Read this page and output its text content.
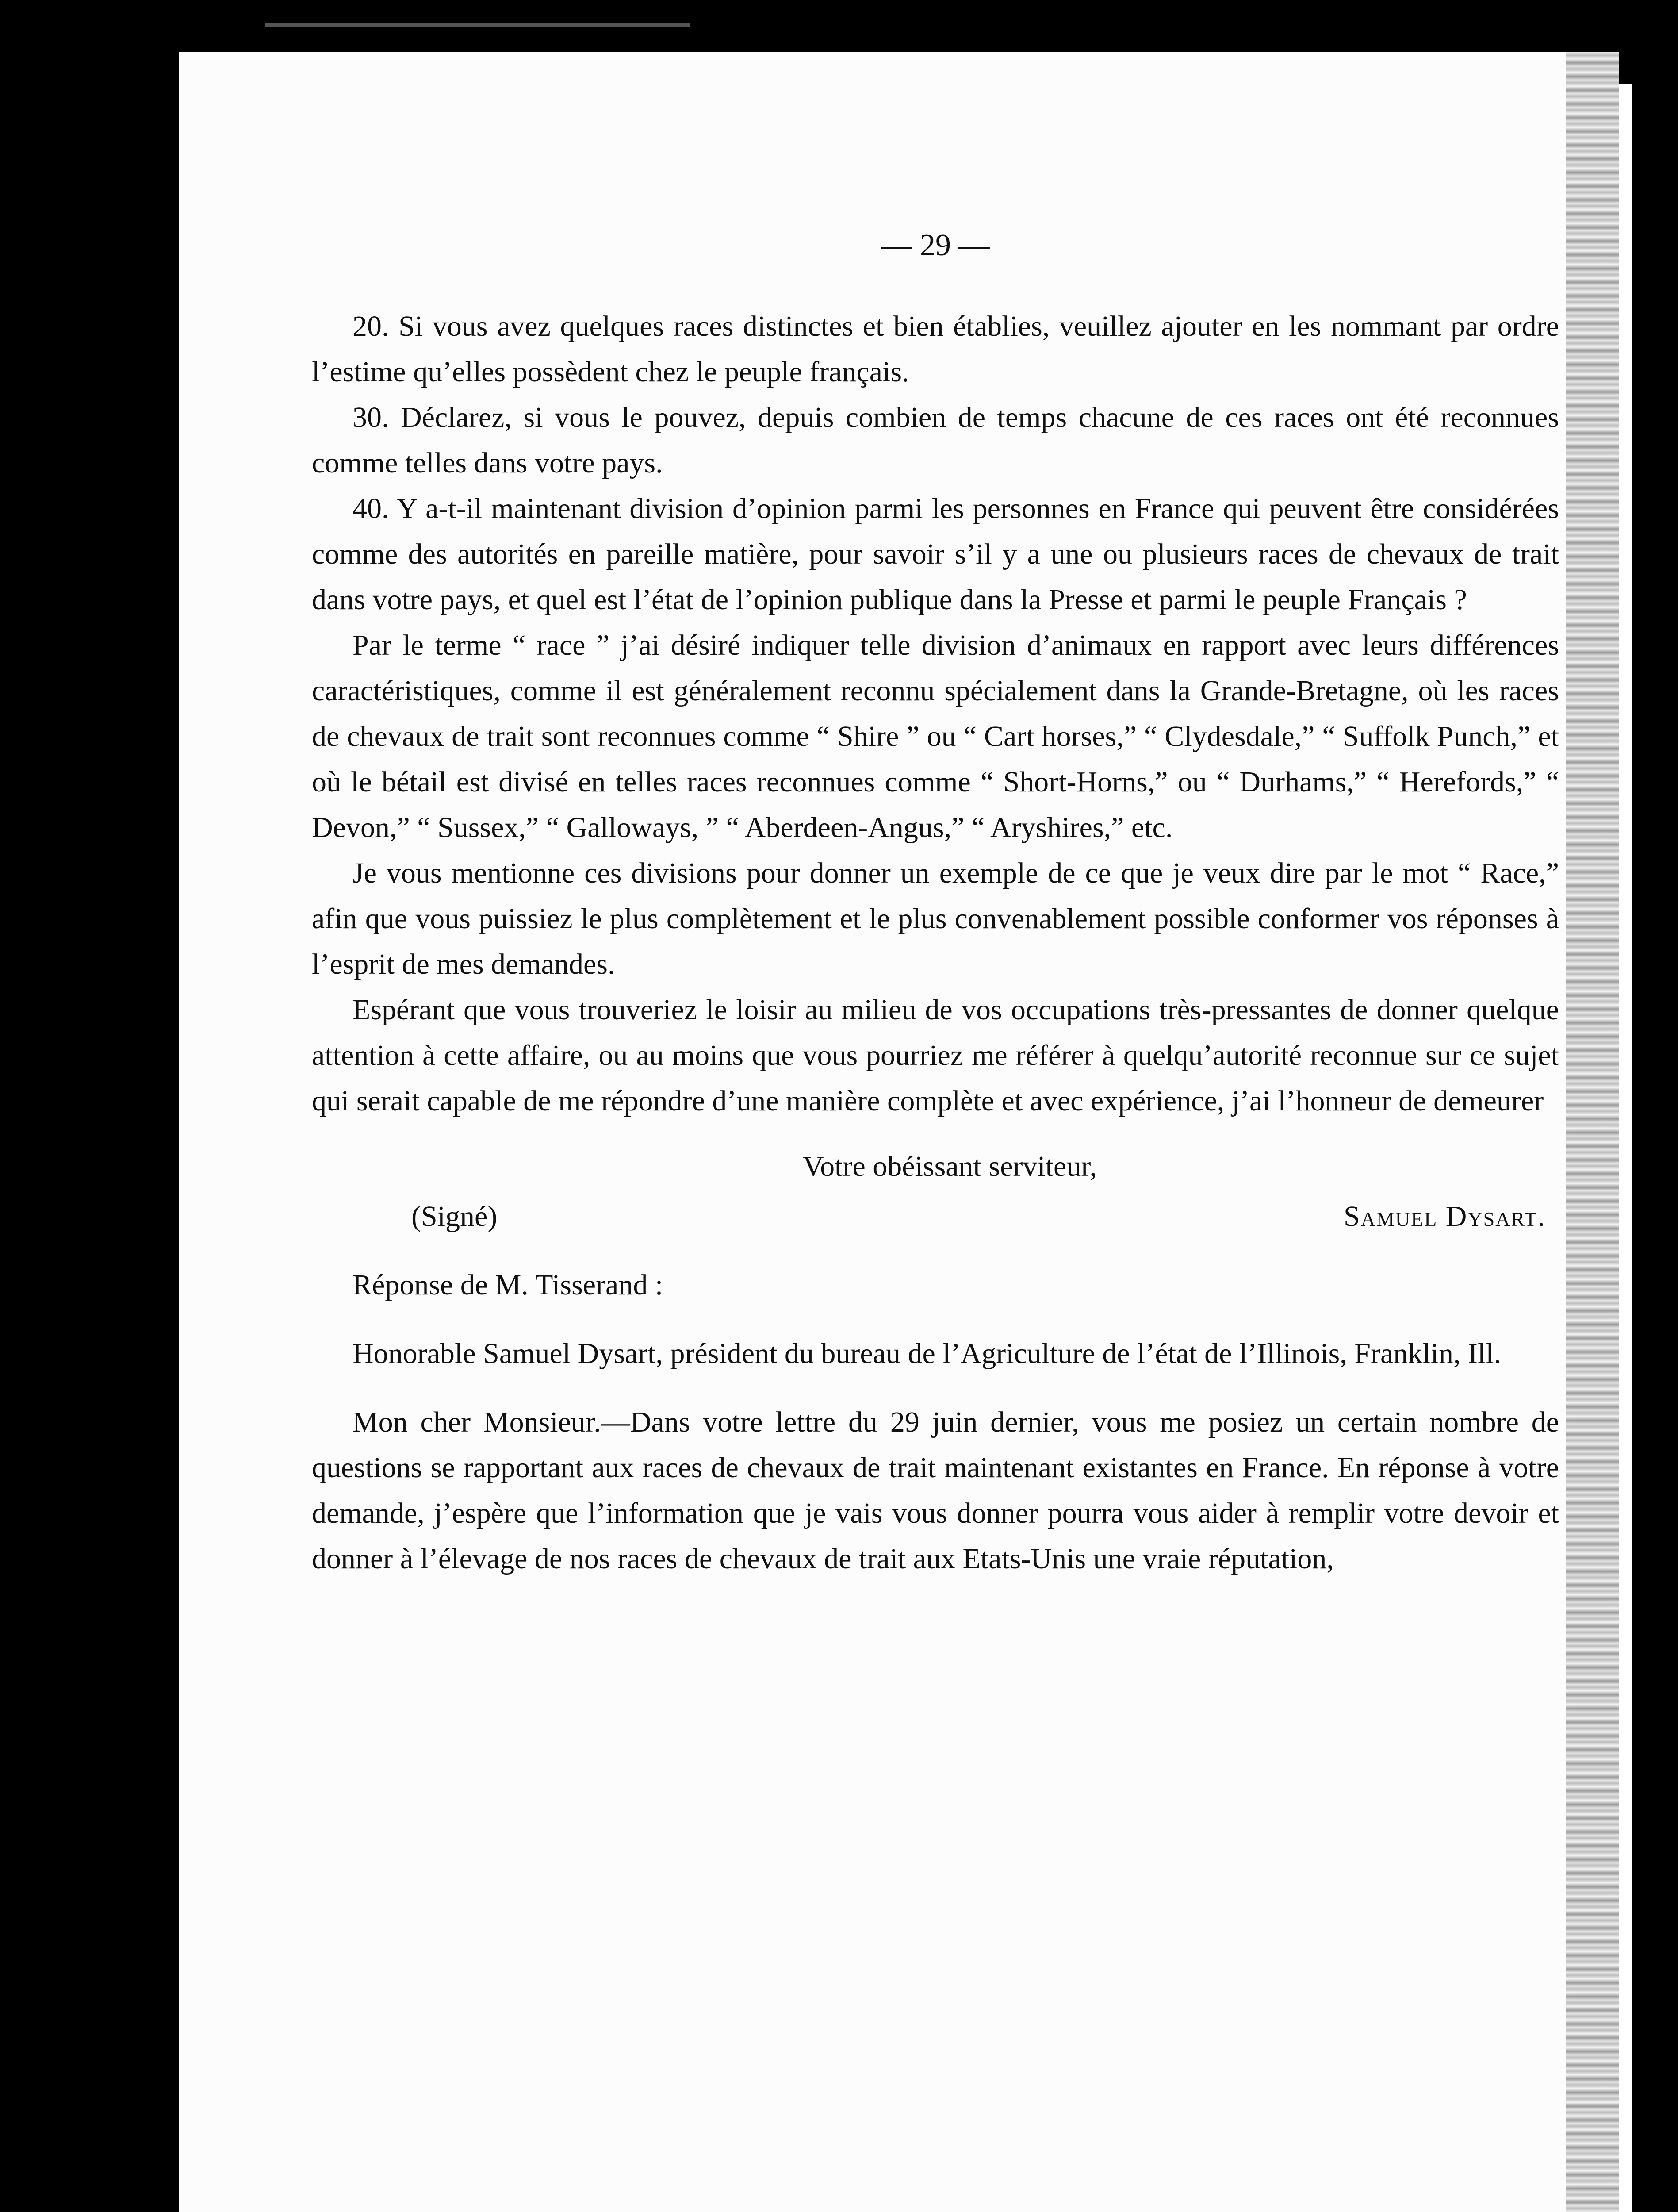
— 29 —

20. Si vous avez quelques races distinctes et bien établies, veuillez ajouter en les nommant par ordre l’estime qu’elles possèdent chez le peuple français.

30. Déclarez, si vous le pouvez, depuis combien de temps chacune de ces races ont été reconnues comme telles dans votre pays.

40. Y a-t-il maintenant division d’opinion parmi les personnes en France qui peuvent être considérées comme des autorités en pareille matière, pour savoir s’il y a une ou plusieurs races de chevaux de trait dans votre pays, et quel est l’état de l’opinion publique dans la Presse et parmi le peuple Français ?

Par le terme “ race ” j’ai désiré indiquer telle division d’animaux en rapport avec leurs différences caractéristiques, comme il est généralement reconnu spécialement dans la Grande-Bretagne, où les races de chevaux de trait sont reconnues comme “ Shire ” ou “ Cart horses,” “ Clydesdale,” “ Suffolk Punch,” et où le bétail est divisé en telles races reconnues comme “ Short-Horns,” ou “ Durhams,” “ Herefords,” “ Devon,” “ Sussex,” “ Galloways, ” “ Aberdeen-Angus,” “ Aryshires,” etc.

Je vous mentionne ces divisions pour donner un exemple de ce que je veux dire par le mot “ Race,” afin que vous puissiez le plus complètement et le plus convenablement possible conformer vos réponses à l’esprit de mes demandes.

Espérant que vous trouveriez le loisir au milieu de vos occupations très-pressantes de donner quelque attention à cette affaire, ou au moins que vous pourriez me référer à quelqu’autorité reconnue sur ce sujet qui serait capable de me répondre d’une manière complète et avec expérience, j’ai l’honneur de demeurer

Votre obéissant serviteur,
(Signé)	Samuel Dysart.

Réponse de M. Tisserand :

Honorable Samuel Dysart, président du bureau de l’Agriculture de l’état de l’Illinois, Franklin, Ill.

Mon cher Monsieur.—Dans votre lettre du 29 juin dernier, vous me posiez un certain nombre de questions se rapportant aux races de chevaux de trait maintenant existantes en France. En réponse à votre demande, j’espère que l’information que je vais vous donner pourra vous aider à remplir votre devoir et donner à l’élevage de nos races de chevaux de trait aux Etats-Unis une vraie réputation,
